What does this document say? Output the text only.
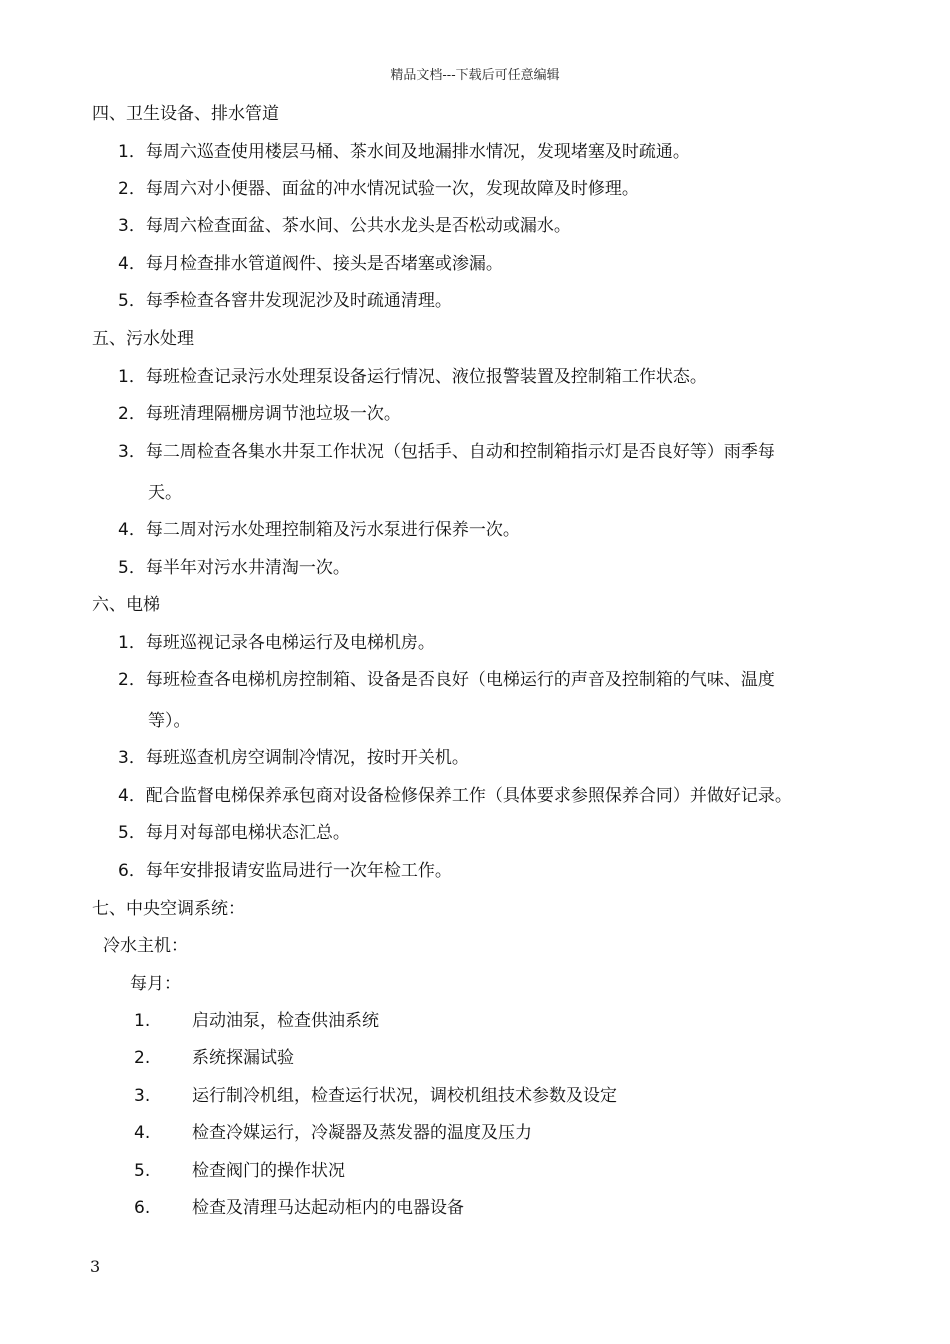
精品文档---下载后可任意编辑
四、卫生设备、排水管道
1．每周六巡查使用楼层马桶、茶水间及地漏排水情况，发现堵塞及时疏通。
2．每周六对小便器、面盆的冲水情况试验一次，发现故障及时修理。
3．每周六检查面盆、茶水间、公共水龙头是否松动或漏水。
4．每月检查排水管道阀件、接头是否堵塞或渗漏。
5．每季检查各窨井发现泥沙及时疏通清理。
五、污水处理
1．每班检查记录污水处理泵设备运行情况、液位报警装置及控制箱工作状态。
2．每班清理隔栅房调节池垃圾一次。
3．每二周检查各集水井泵工作状况（包括手、自动和控制箱指示灯是否良好等）雨季每
天。
4．每二周对污水处理控制箱及污水泵进行保养一次。
5．每半年对污水井清淘一次。
六、电梯
1．每班巡视记录各电梯运行及电梯机房。
2．每班检查各电梯机房控制箱、设备是否良好（电梯运行的声音及控制箱的气味、温度
等）。
3．每班巡查机房空调制冷情况，按时开关机。
4．配合监督电梯保养承包商对设备检修保养工作（具体要求参照保养合同）并做好记录。
5．每月对每部电梯状态汇总。
6．每年安排报请安监局进行一次年检工作。
七、中央空调系统：
冷水主机：
每月：
1. 启动油泵，检查供油系统
2. 系统探漏试验
3. 运行制冷机组，检查运行状况，调校机组技术参数及设定
4. 检查冷媒运行，冷凝器及蒸发器的温度及压力
5. 检查阀门的操作状况
6. 检查及清理马达起动柜内的电器设备
3
